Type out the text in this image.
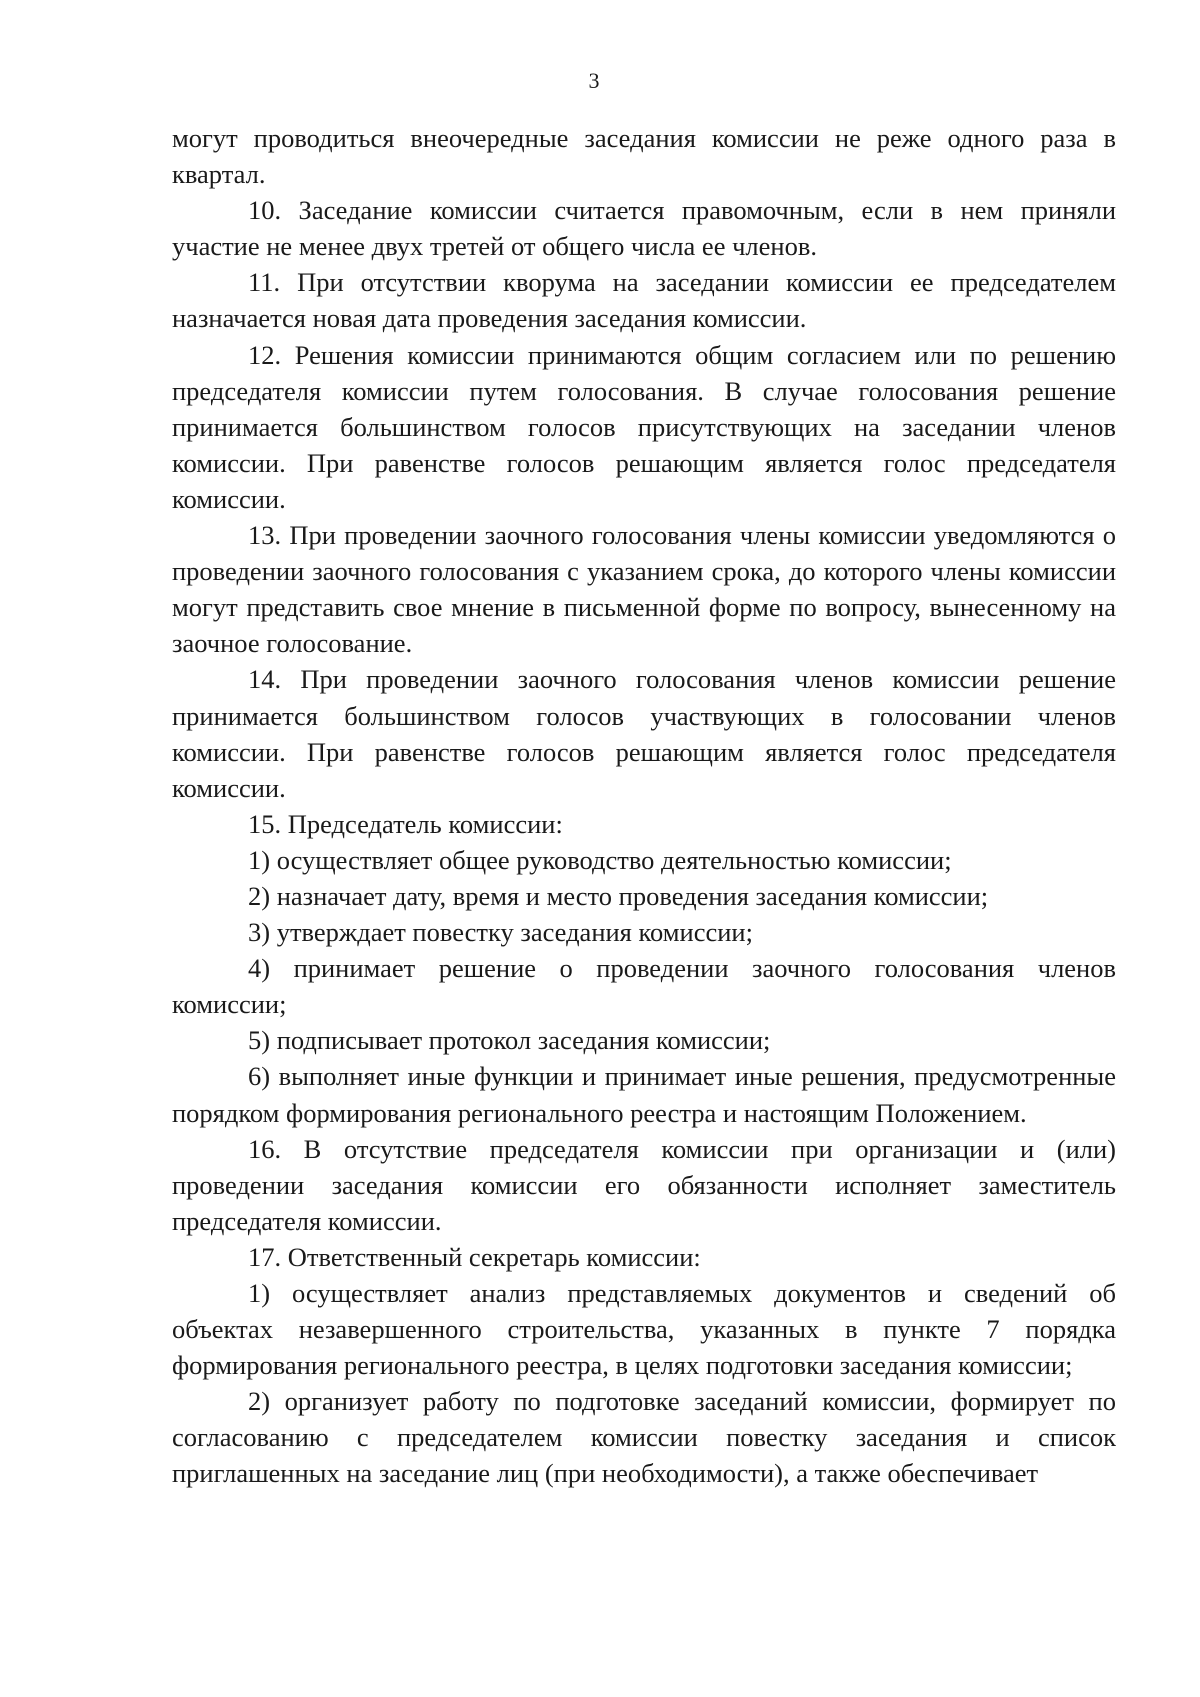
3

могут проводиться внеочередные заседания комиссии не реже одного раза в квартал.

10. Заседание комиссии считается правомочным, если в нем приняли участие не менее двух третей от общего числа ее членов.

11. При отсутствии кворума на заседании комиссии ее председателем назначается новая дата проведения заседания комиссии.

12. Решения комиссии принимаются общим согласием или по решению председателя комиссии путем голосования. В случае голосования решение принимается большинством голосов присутствующих на заседании членов комиссии. При равенстве голосов решающим является голос председателя комиссии.

13. При проведении заочного голосования члены комиссии уведомляются о проведении заочного голосования с указанием срока, до которого члены комиссии могут представить свое мнение в письменной форме по вопросу, вынесенному на заочное голосование.

14. При проведении заочного голосования членов комиссии решение принимается большинством голосов участвующих в голосовании членов комиссии. При равенстве голосов решающим является голос председателя комиссии.

15. Председатель комиссии:

1) осуществляет общее руководство деятельностью комиссии;

2) назначает дату, время и место проведения заседания комиссии;

3) утверждает повестку заседания комиссии;

4) принимает решение о проведении заочного голосования членов комиссии;

5) подписывает протокол заседания комиссии;

6) выполняет иные функции и принимает иные решения, предусмотренные порядком формирования регионального реестра и настоящим Положением.

16. В отсутствие председателя комиссии при организации и (или) проведении заседания комиссии его обязанности исполняет заместитель председателя комиссии.

17. Ответственный секретарь комиссии:

1) осуществляет анализ представляемых документов и сведений об объектах незавершенного строительства, указанных в пункте 7 порядка формирования регионального реестра, в целях подготовки заседания комиссии;

2) организует работу по подготовке заседаний комиссии, формирует по согласованию с председателем комиссии повестку заседания и список приглашенных на заседание лиц (при необходимости), а также обеспечивает
